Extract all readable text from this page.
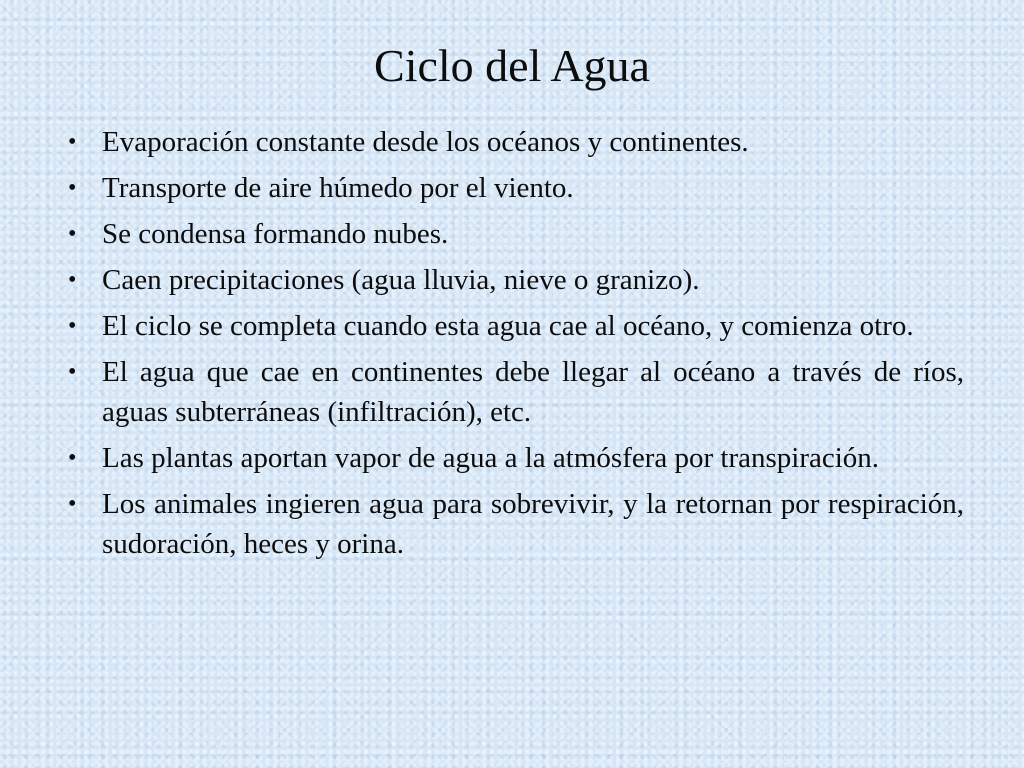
Ciclo del Agua
• Evaporación constante desde los océanos y continentes.
• Transporte de aire húmedo por el viento.
• Se condensa formando nubes.
• Caen precipitaciones (agua lluvia, nieve o granizo).
• El ciclo se completa cuando esta agua cae al océano, y comienza otro.
• El agua que cae en continentes debe llegar al océano a través de ríos, aguas subterráneas (infiltración), etc.
• Las plantas aportan vapor de agua a la atmósfera por transpiración.
• Los animales ingieren agua para sobrevivir, y la retornan por respiración, sudoración, heces y orina.
